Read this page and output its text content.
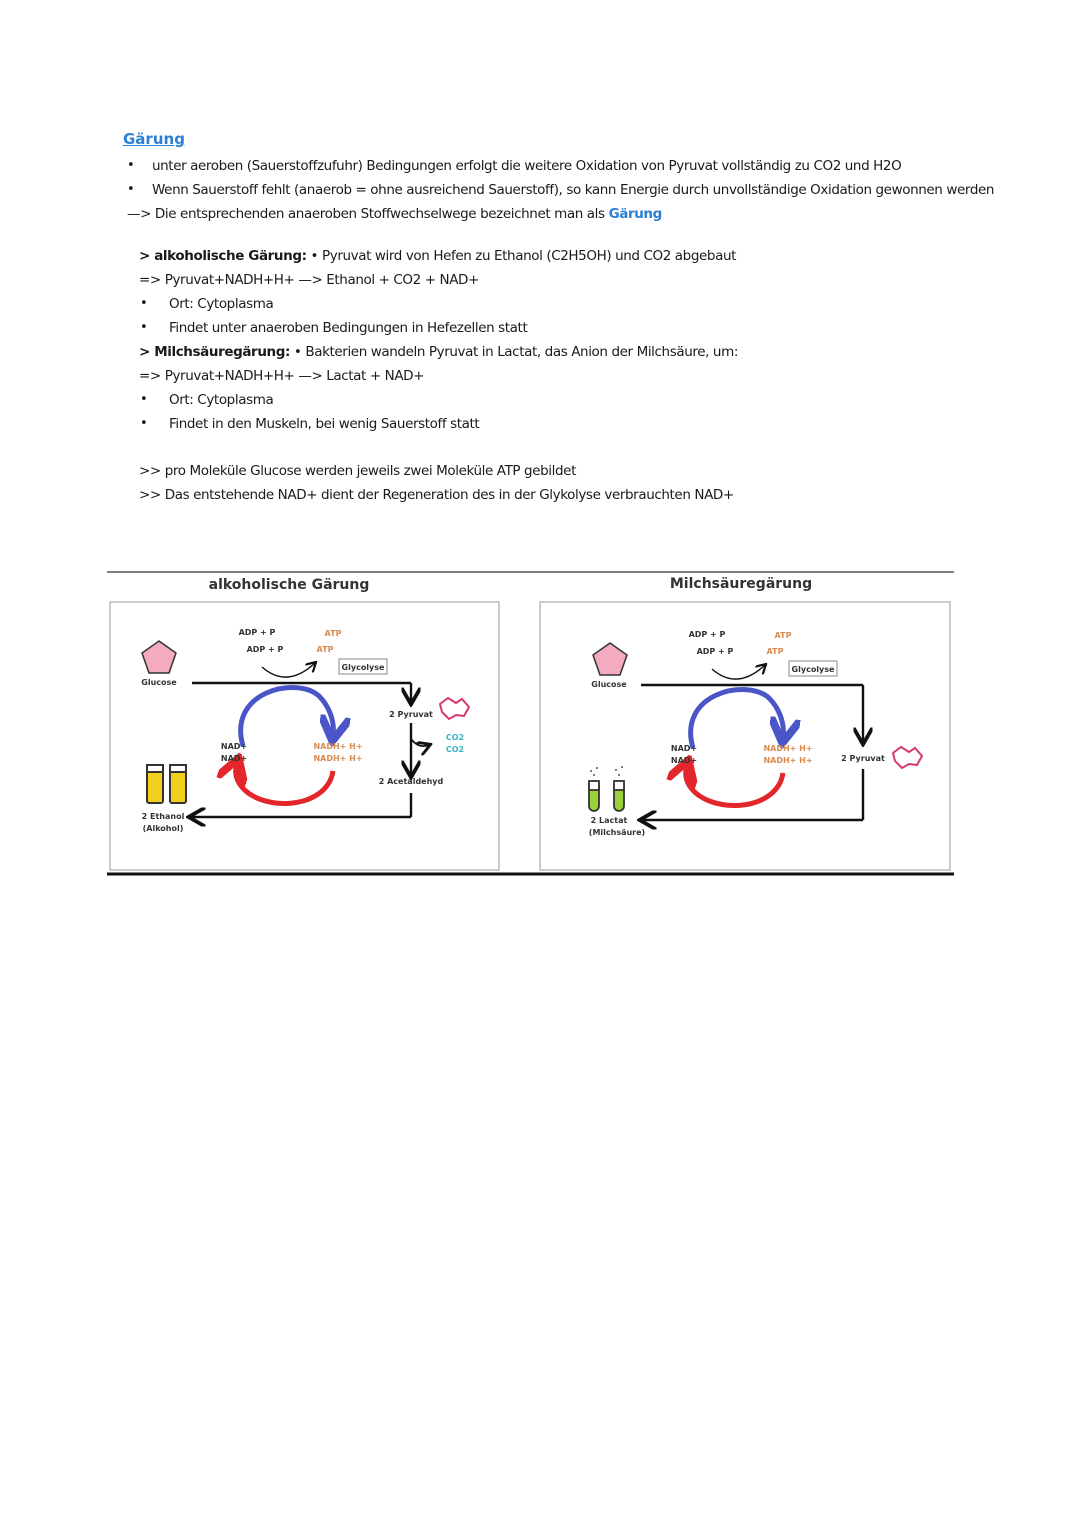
Gärung
• unter aeroben (Sauerstoffzufuhr) Bedingungen erfolgt die weitere Oxidation von Pyruvat vollständig zu CO2 und H2O
• Wenn Sauerstoff fehlt (anaerob = ohne ausreichend Sauerstoff), so kann Energie durch unvollständige Oxidation gewonnen werden
—> Die entsprechenden anaeroben Stoffwechselwege bezeichnet man als Gärung
> alkoholische Gärung: • Pyruvat wird von Hefen zu Ethanol (C2H5OH) und CO2 abgebaut
=> Pyruvat+NADH+H+ —> Ethanol + CO2 + NAD+
• Ort: Cytoplasma
• Findet unter anaeroben Bedingungen in Hefezellen statt
> Milchsäuregärung: • Bakterien wandeln Pyruvat in Lactat, das Anion der Milchsäure, um:
=> Pyruvat+NADH+H+ —> Lactat + NAD+
• Ort: Cytoplasma
• Findet in den Muskeln, bei wenig Sauerstoff statt
>> pro Moleküle Glucose werden jeweils zwei Moleküle ATP gebildet
>> Das entstehende NAD+ dient der Regeneration des in der Glykolyse verbrauchten NAD+
alkoholische Gärung	Milchsäuregärung
Glucose
ADP + P
ADP + P
ATP
ATP
Glycolyse
2 Pyruvat
CO2
CO2
2 Acetaldehyd
NAD+
NAD+
NADH+ H+
NADH+ H+
2 Ethanol
(Alkohol)
Glucose
ADP + P
ADP + P
ATP
ATP
Glycolyse
2 Pyruvat
NAD+
NAD+
NADH+ H+
NADH+ H+
2 Lactat
(Milchsäure)
